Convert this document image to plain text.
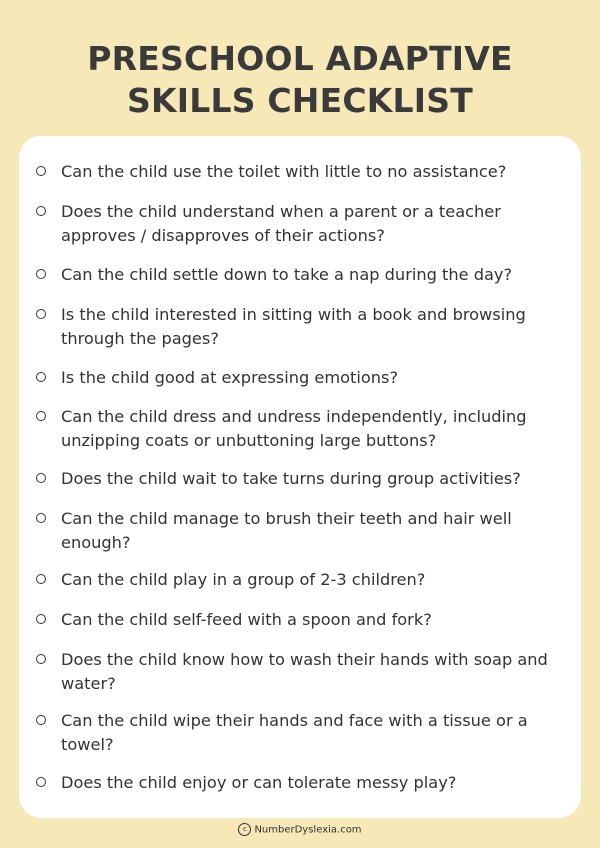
PRESCHOOL ADAPTIVE
SKILLS CHECKLIST
Can the child use the toilet with little to no assistance?
Does the child understand when a parent or a teacher approves / disapproves of their actions?
Can the child settle down to take a nap during the day?
Is the child interested in sitting with a book and browsing through the pages?
Is the child good at expressing emotions?
Can the child dress and undress independently, including unzipping coats or unbuttoning large buttons?
Does the child wait to take turns during group activities?
Can the child manage to brush their teeth and hair well enough?
Can the child play in a group of 2-3 children?
Can the child self-feed with a spoon and fork?
Does the child know how to wash their hands with soap and water?
Can the child wipe their hands and face with a tissue or a towel?
Does the child enjoy or can tolerate messy play?
c NumberDyslexia.com
